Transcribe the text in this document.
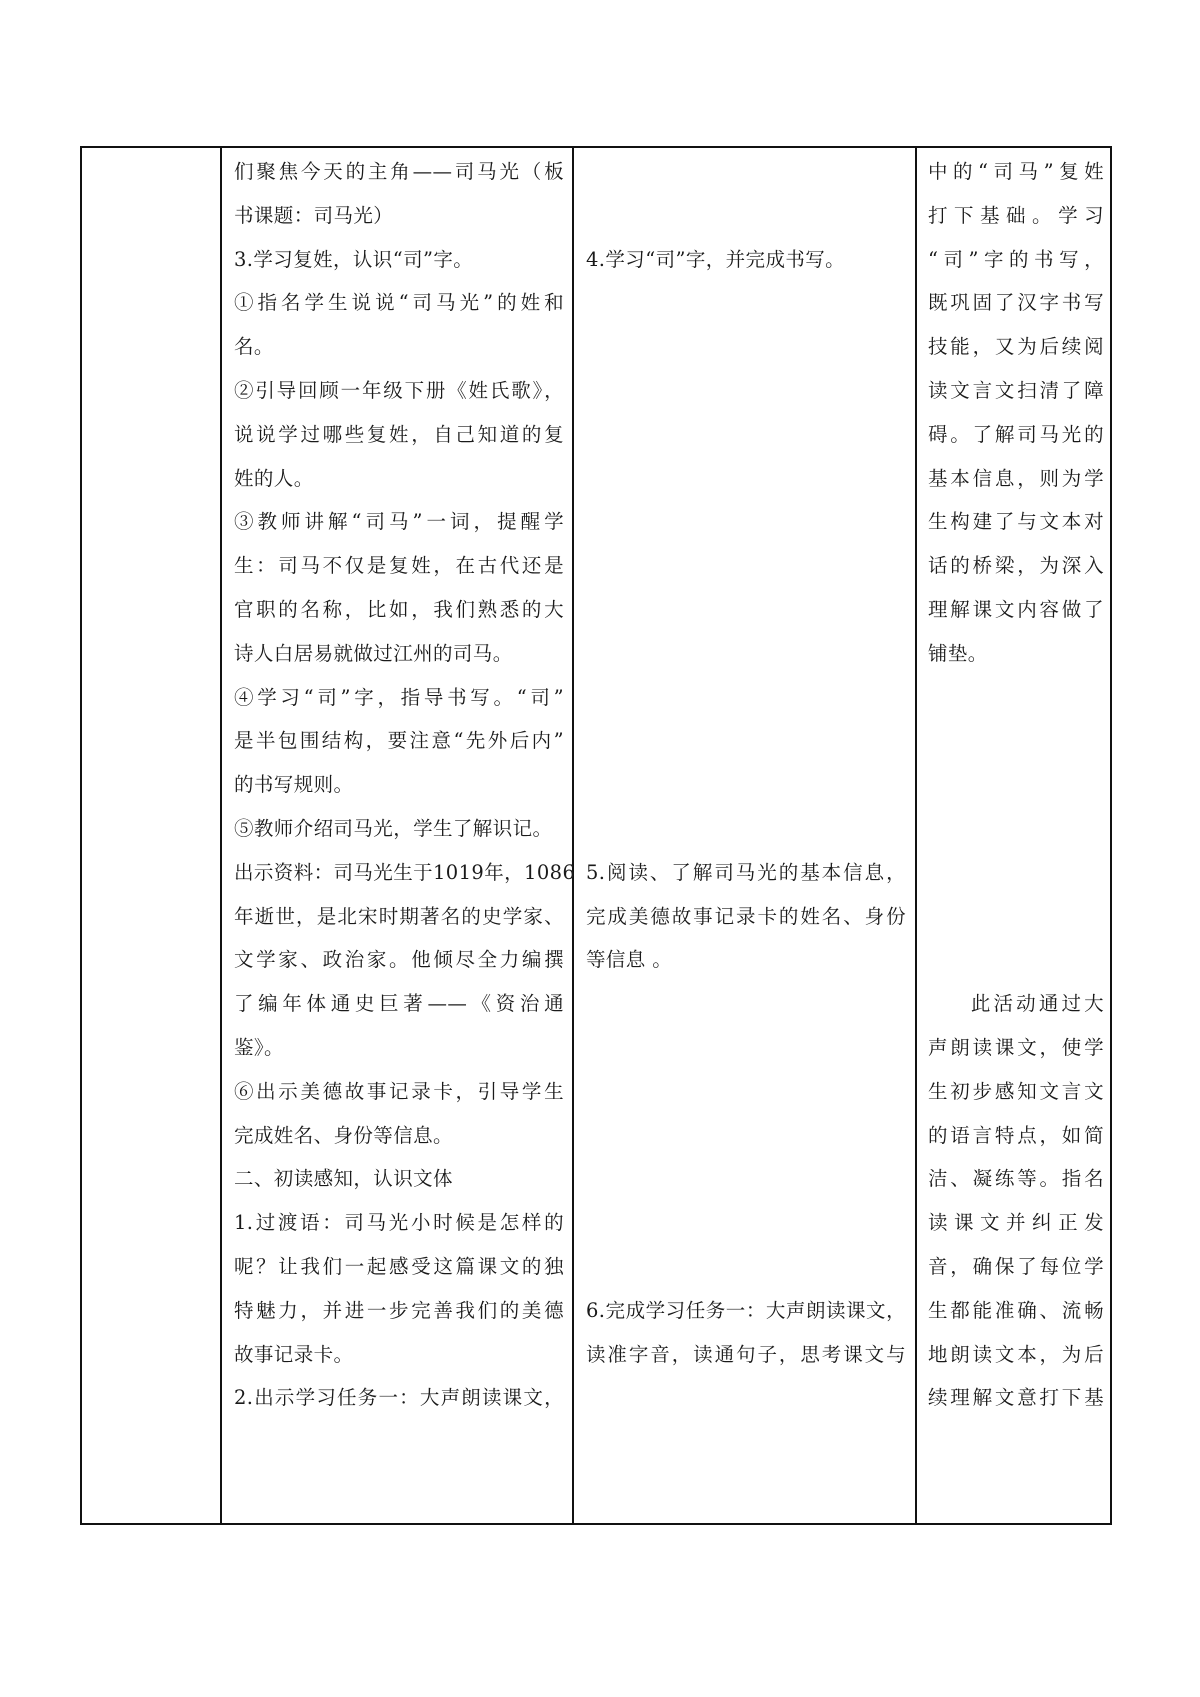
们聚焦今天的主角——司马光（板
书课题：司马光）
3.学习复姓，认识“司”字。
①指名学生说说“司马光”的姓和
名。
②引导回顾一年级下册《姓氏歌》，
说说学过哪些复姓，自己知道的复
姓的人。
③教师讲解“司马”一词，提醒学
生：司马不仅是复姓，在古代还是
官职的名称，比如，我们熟悉的大
诗人白居易就做过江州的司马。
④学习“司”字，指导书写。“司”
是半包围结构，要注意“先外后内”
的书写规则。
⑤教师介绍司马光，学生了解识记。
出示资料：司马光生于1019年，1086
年逝世，是北宋时期著名的史学家、
文学家、政治家。他倾尽全力编撰
了编年体通史巨著——《资治通
鉴》。
⑥出示美德故事记录卡，引导学生
完成姓名、身份等信息。
二、初读感知，认识文体
1.过渡语：司马光小时候是怎样的
呢？让我们一起感受这篇课文的独
特魅力，并进一步完善我们的美德
故事记录卡。
2.出示学习任务一：大声朗读课文，

4.学习“司”字，并完成书写。
5.阅读、了解司马光的基本信息，
完成美德故事记录卡的姓名、身份
等信息 。
6.完成学习任务一：大声朗读课文，
读准字音，读通句子，思考课文与

中的“司马”复姓
打下基础。学习
“司”字的书写，
既巩固了汉字书写
技能，又为后续阅
读文言文扫清了障
碍。了解司马光的
基本信息，则为学
生构建了与文本对
话的桥梁，为深入
理解课文内容做了
铺垫。
此活动通过大
声朗读课文，使学
生初步感知文言文
的语言特点，如简
洁、凝练等。指名
读课文并纠正发
音，确保了每位学
生都能准确、流畅
地朗读文本，为后
续理解文意打下基
